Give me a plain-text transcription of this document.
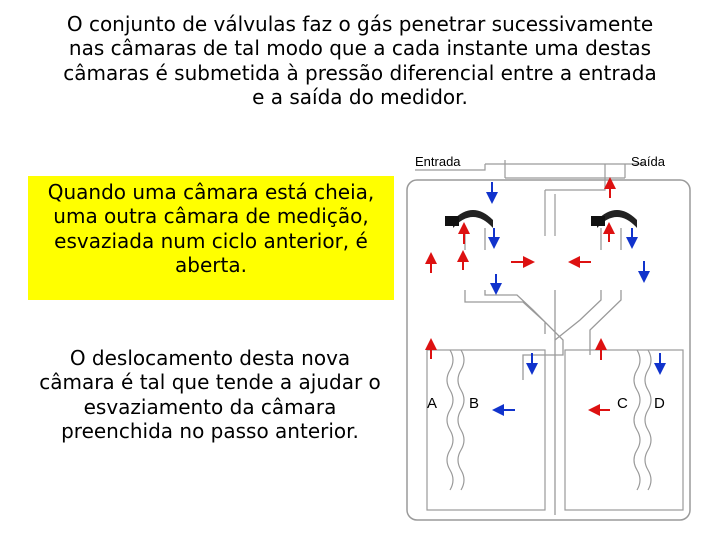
O conjunto de válvulas faz o gás penetrar sucessivamente nas câmaras de tal modo que a cada instante uma destas câmaras é submetida à pressão diferencial entre a entrada e a saída do medidor.
Quando uma câmara está cheia, uma outra câmara de medição, esvaziada num ciclo anterior, é aberta.
O deslocamento desta nova câmara é tal que tende a ajudar o esvaziamento da câmara preenchida no passo anterior.
Entrada	Saída
A B	C D
